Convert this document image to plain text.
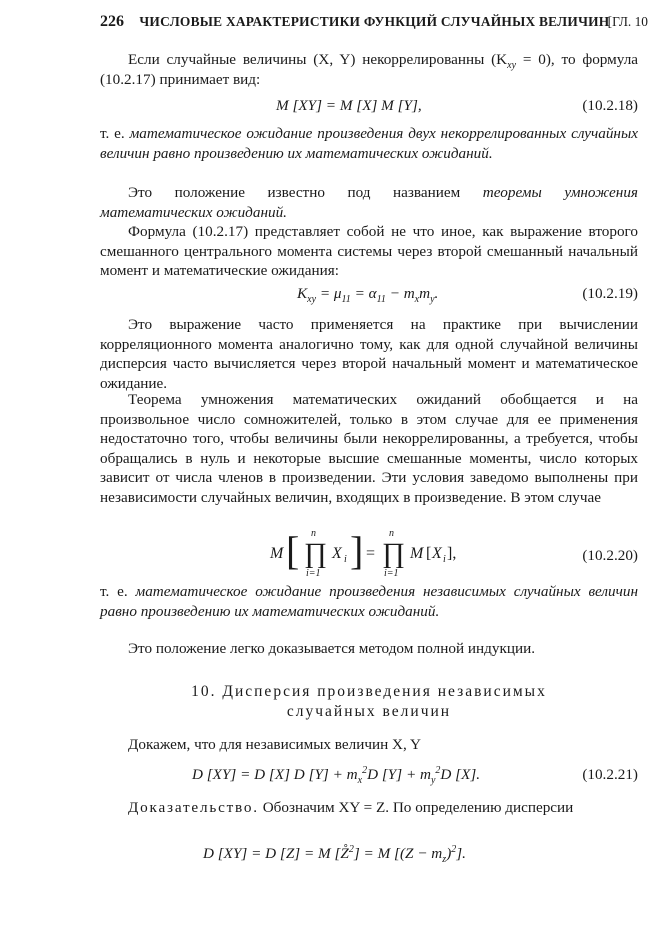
226 ЧИСЛОВЫЕ ХАРАКТЕРИСТИКИ ФУНКЦИЙ СЛУЧАЙНЫХ ВЕЛИЧИН
[ГЛ. 10

Если случайные величины (X, Y) некоррелированны $(K_{xy} = 0)$, то формула (10.2.17) принимает вид:

M [XY] = M [X] M [Y],	(10.2.18)

т. е. математическое ожидание произведения двух некоррелированных случайных величин равно произведению их математических ожиданий.

Это положение известно под названием теоремы умножения математических ожиданий.

Формула (10.2.17) представляет собой не что иное, как выражение второго смешанного центрального момента системы через второй смешанный начальный момент и математические ожидания:

$K_{xy} = \mu_{11} = \alpha_{11} - m_xm_y$.	(10.2.19)

Это выражение часто применяется на практике при вычислении корреляционного момента аналогично тому, как для одной случайной величины дисперсия часто вычисляется через второй начальный момент и математическое ожидание.

Теорема умножения математических ожиданий обобщается и на произвольное число сомножителей, только в этом случае для ее применения недостаточно того, чтобы величины были некоррелированны, а требуется, чтобы обращались в нуль и некоторые высшие смешанные моменты, число которых зависит от числа членов в произведении. Эти условия заведомо выполнены при независимости случайных величин, входящих в произведение. В этом случае

M [ ∏
n
i=1
X i ] = ∏
n
i=1
M [ X i ],	(10.2.20)

т. е. математическое ожидание произведения независимых случайных величин равно произведению их математических ожиданий.

Это положение легко доказывается методом полной индукции.

10. Дисперсия произведения независимых
случайных величин

Докажем, что для независимых величин X, Y

D [XY] = D [X] D $[Y] + m_x^2D$ $[Y] + m_y^2D$ [X].	(10.2.21)

Доказательство. Обозначим XY = Z. По определению дисперсии

D [XY] = D [Z] = M [Z̊$^2$] = M $[(Z - m_z)^2]$.
